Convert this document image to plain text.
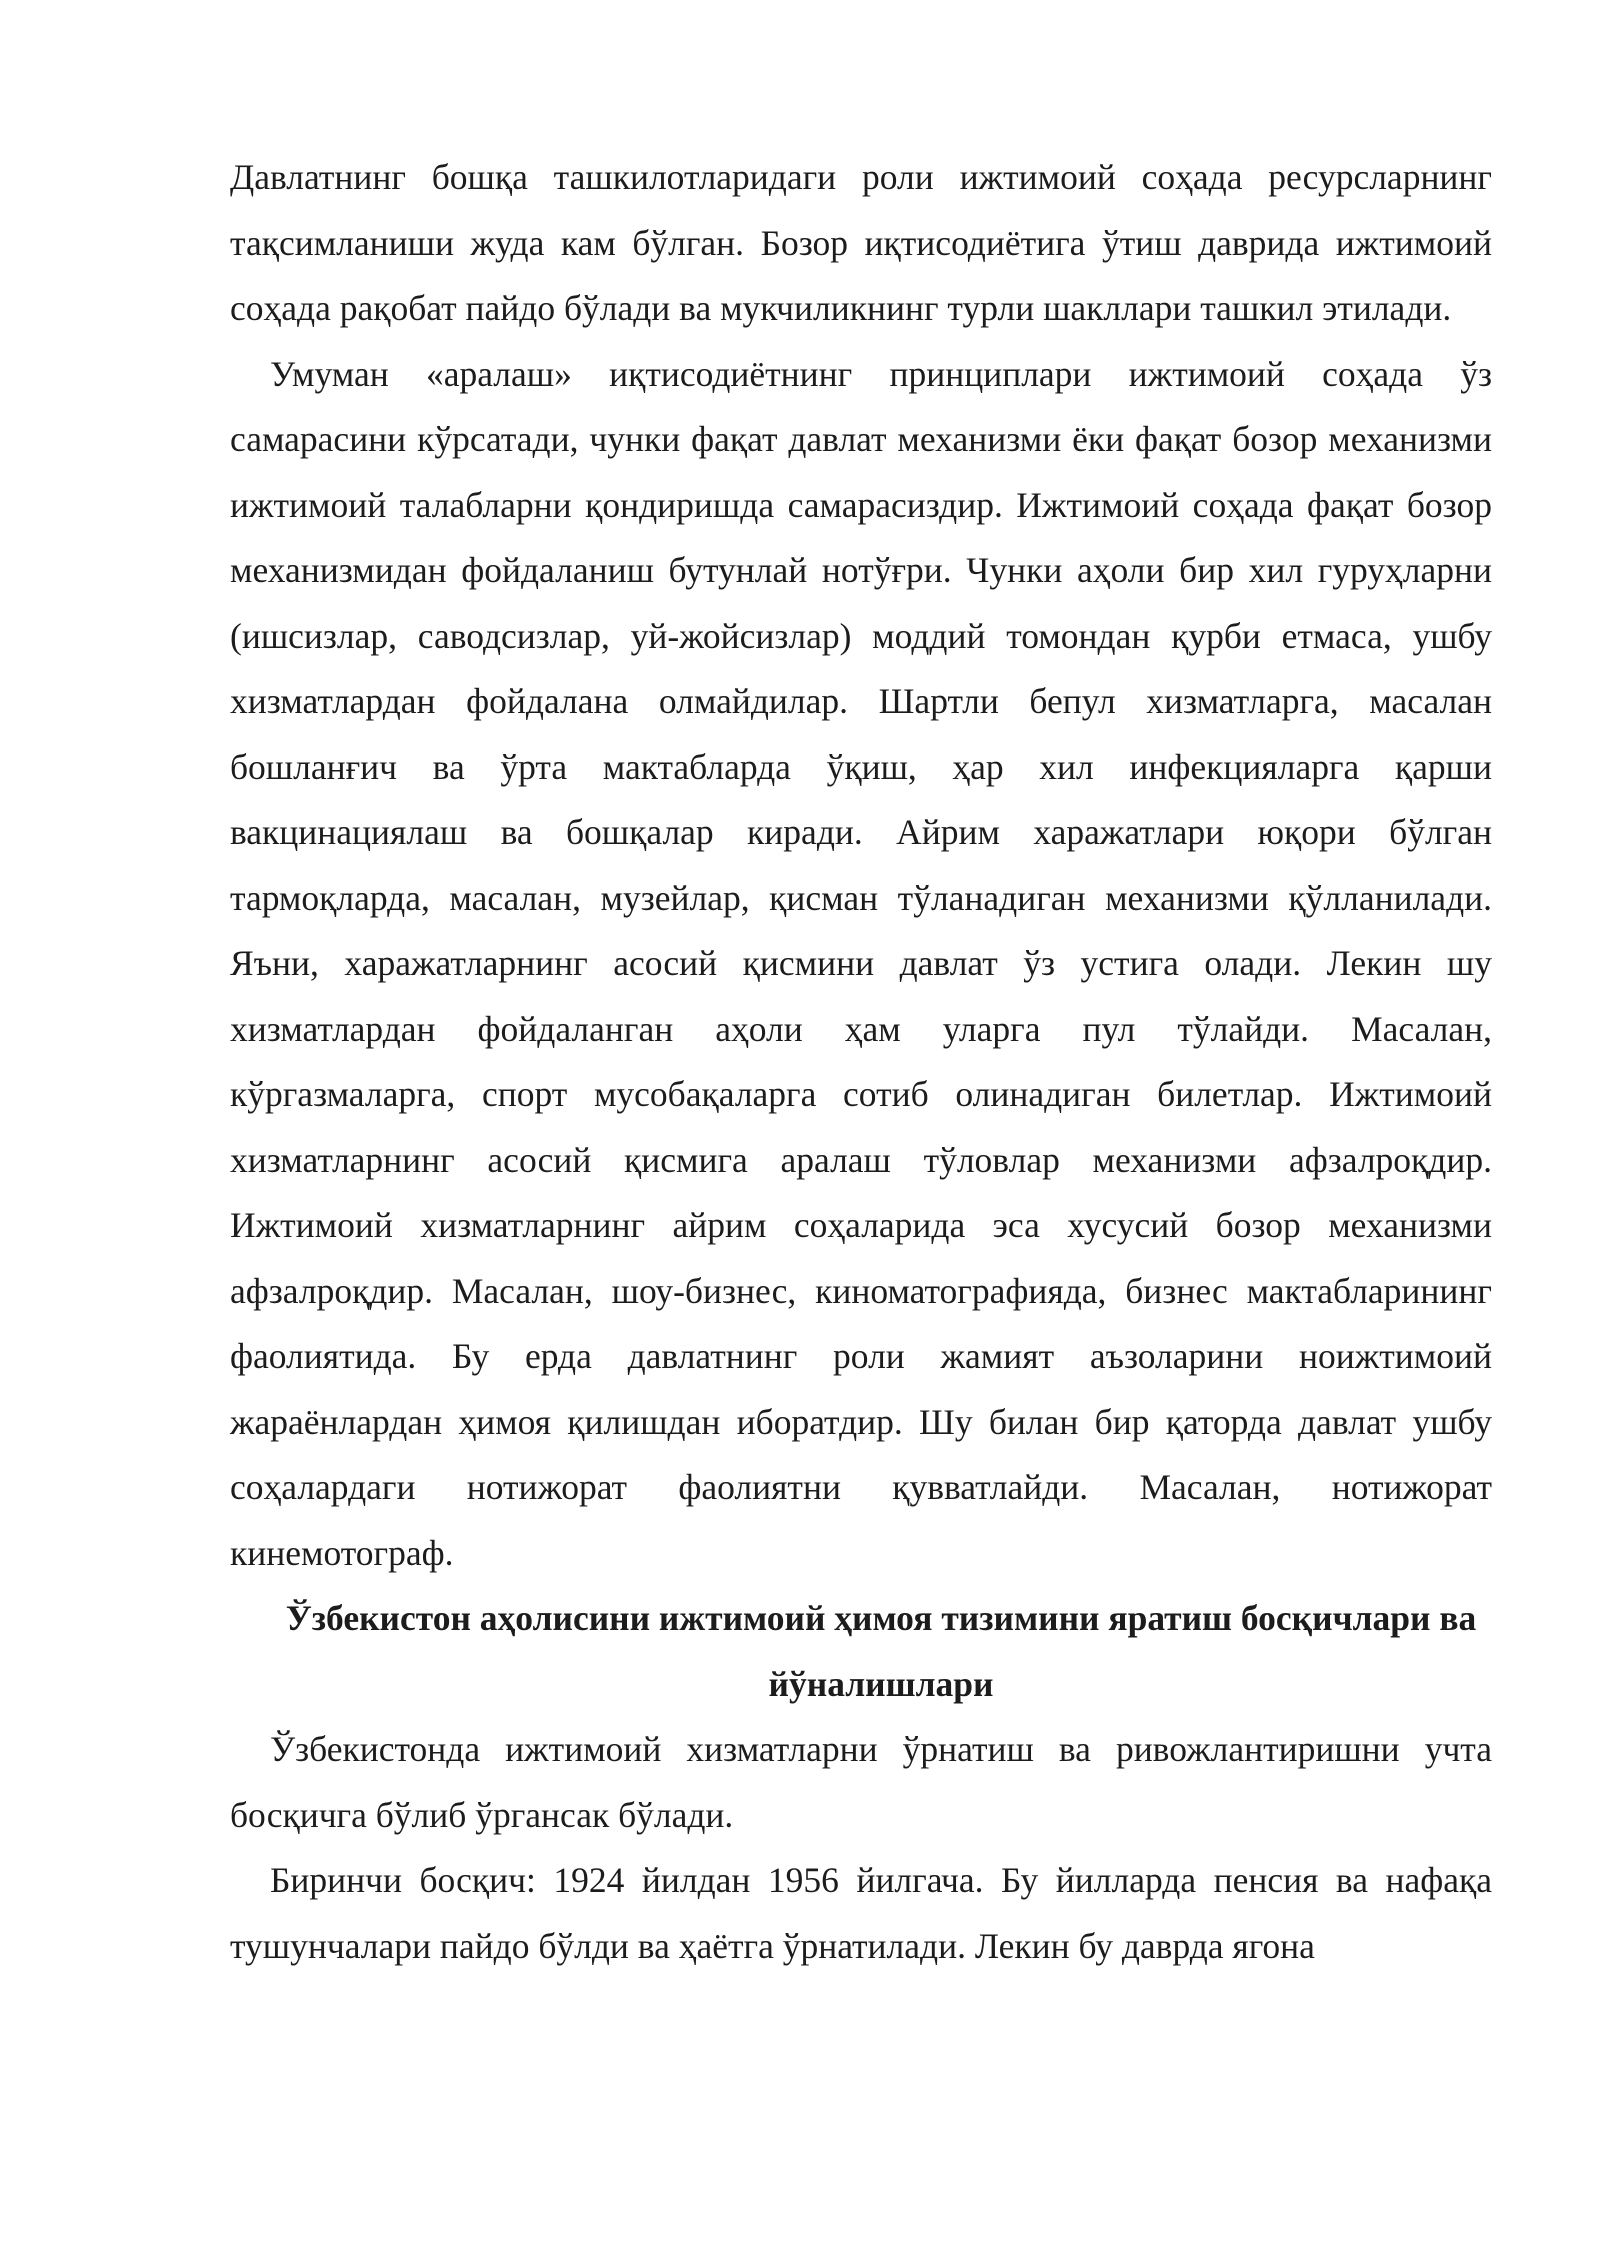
Давлатнинг бошқа ташкилотларидаги роли ижтимоий соҳада ресурсларнинг тақсимланиши жуда кам бўлган. Бозор иқтисодиётига ўтиш даврида ижтимоий соҳада рақобат пайдо бўлади ва мукчиликнинг турли шакллари ташкил этилади.

Умуман «аралаш» иқтисодиётнинг принциплари ижтимоий соҳада ўз самарасини кўрсатади, чунки фақат давлат механизми ёки фақат бозор механизми ижтимоий талабларни қондиришда самарасиздир. Ижтимоий соҳада фақат бозор механизмидан фойдаланиш бутунлай нотўғри. Чунки аҳоли бир хил гуруҳларни (ишсизлар, саводсизлар, уй-жойсизлар) моддий томондан қурби етмаса, ушбу хизматлардан фойдалана олмайдилар. Шартли бепул хизматларга, масалан бошланғич ва ўрта мактабларда ўқиш, ҳар хил инфекцияларга қарши вакцинациялаш ва бошқалар киради. Айрим харажатлари юқори бўлган тармоқларда, масалан, музейлар, қисман тўланадиган механизми қўлланилади. Яъни, харажатларнинг асосий қисмини давлат ўз устига олади. Лекин шу хизматлардан фойдаланган аҳоли ҳам уларга пул тўлайди. Масалан, кўргазмаларга, спорт мусобақаларга сотиб олинадиган билетлар. Ижтимоий хизматларнинг асосий қисмига аралаш тўловлар механизми афзалроқдир. Ижтимоий хизматларнинг айрим соҳаларида эса хусусий бозор механизми афзалроқдир. Масалан, шоу-бизнес, киноматографияда, бизнес мактабларининг фаолиятида. Бу ерда давлатнинг роли жамият аъзоларини ноижтимоий жараёнлардан ҳимоя қилишдан иборатдир. Шу билан бир қаторда давлат ушбу соҳалардаги нотижорат фаолиятни қувватлайди. Масалан, нотижорат кинемотограф.

Ўзбекистон аҳолисини ижтимоий ҳимоя тизимини яратиш босқичлари ва йўналишлари

Ўзбекистонда ижтимоий хизматларни ўрнатиш ва ривожлантиришни учта босқичга бўлиб ўргансак бўлади.

Биринчи босқич: 1924 йилдан 1956 йилгача. Бу йилларда пенсия ва нафақа тушунчалари пайдо бўлди ва ҳаётга ўрнатилади. Лекин бу даврда ягона
